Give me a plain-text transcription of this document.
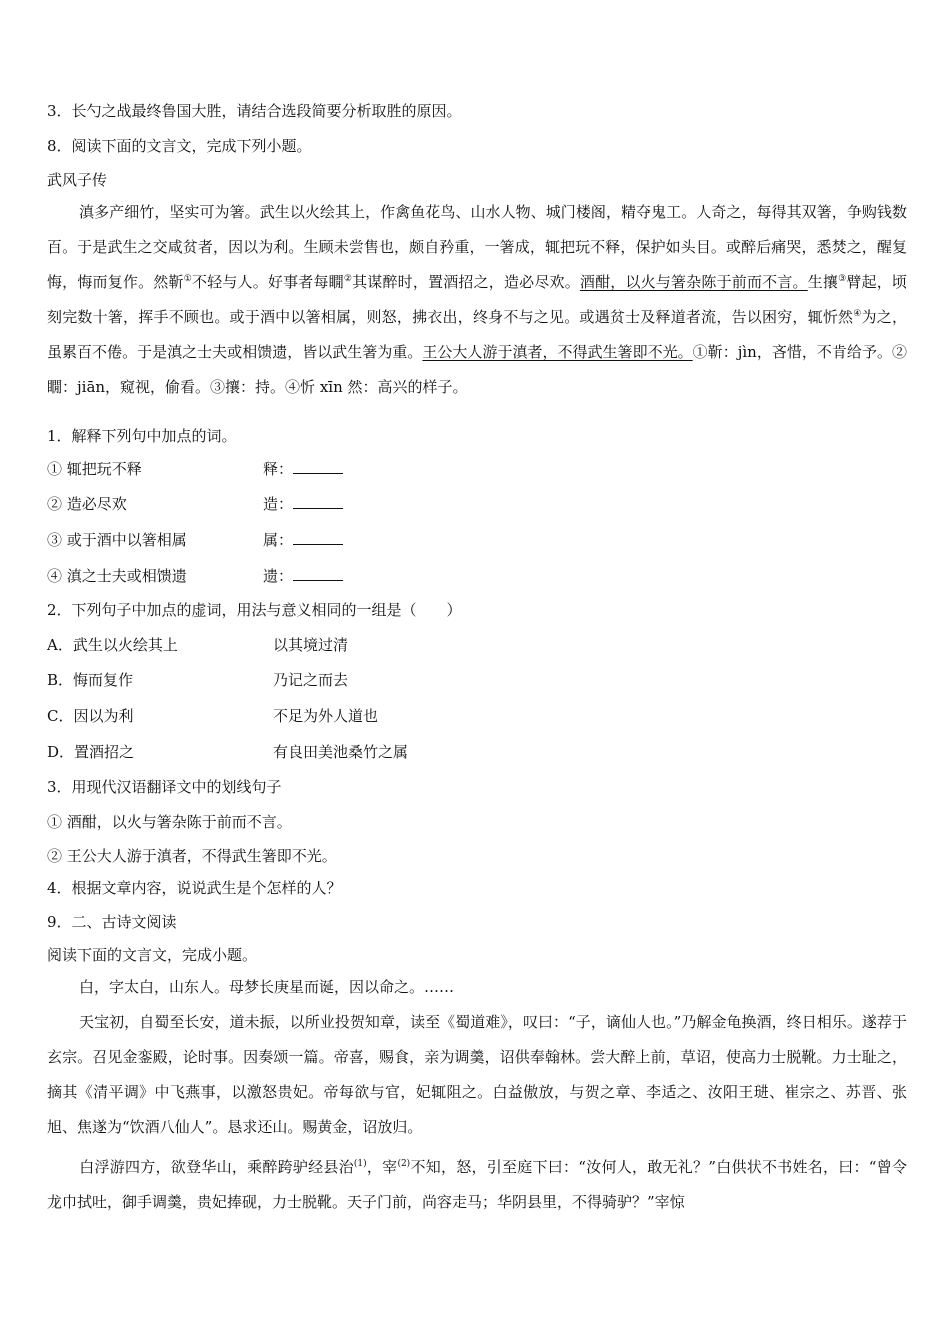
3．长勺之战最终鲁国大胜，请结合选段简要分析取胜的原因。
8．阅读下面的文言文，完成下列小题。
武风子传
滇多产细竹，坚实可为箸。武生以火绘其上，作禽鱼花鸟、山水人物、城门楼阁，精夺鬼工。人奇之，每得其双箸，争购钱数百。于是武生之交咸贫者，因以为利。生顾未尝售也，颇自矜重，一箸成，辄把玩不释，保护如头目。或醉后痛哭，悉焚之，醒复悔，悔而复作。然靳①不轻与人。好事者每瞯②其谋醉时，置酒招之，造必尽欢。酒酣，以火与箸杂陈于前而不言。生攘③臂起，顷刻完数十箸，挥手不顾也。或于酒中以箸相属，则怒，拂衣出，终身不与之见。或遇贫士及释道者流，告以困穷，辄忻然④为之，虽累百不倦。于是滇之士夫或相馈遗，皆以武生箸为重。王公大人游于滇者，不得武生箸即不光。①靳：jìn，吝惜，不肯给予。②瞯：jiān，窥视，偷看。③攘：持。④忻 xīn 然：高兴的样子。
1．解释下列句中加点的词。
① 辄把玩不释	释：
② 造必尽欢	造：
③ 或于酒中以箸相属	属：
④ 滇之士夫或相馈遗	遗：
2．下列句子中加点的虚词，用法与意义相同的一组是（　　）
A．武生以火绘其上	以其境过清
B．悔而复作	乃记之而去
C．因以为利	不足为外人道也
D．置酒招之	有良田美池桑竹之属
3．用现代汉语翻译文中的划线句子
① 酒酣，以火与箸杂陈于前而不言。
② 王公大人游于滇者，不得武生箸即不光。
4．根据文章内容，说说武生是个怎样的人？
9．二、古诗文阅读
阅读下面的文言文，完成小题。
白，字太白，山东人。母梦长庚星而诞，因以命之。……
天宝初，自蜀至长安，道未振，以所业投贺知章，读至《蜀道难》，叹曰：“子，谪仙人也。”乃解金龟换酒，终日相乐。遂荐于玄宗。召见金銮殿，论时事。因奏颂一篇。帝喜，赐食，亲为调羹，诏供奉翰林。尝大醉上前，草诏，使高力士脱靴。力士耻之，摘其《清平调》中飞燕事，以激怒贵妃。帝每欲与官，妃辄阻之。白益傲放，与贺之章、李适之、汝阳王琎、崔宗之、苏晋、张旭、焦遂为“饮酒八仙人”。恳求还山。赐黄金，诏放归。
白浮游四方，欲登华山，乘醉跨驴经县治$^{(1)}$，宰$^{(2)}$不知，怒，引至庭下曰：“汝何人，敢无礼？”白供状不书姓名，曰：“曾令龙巾拭吐，御手调羹，贵妃捧砚，力士脱靴。天子门前，尚容走马；华阴县里，不得骑驴？”宰惊
